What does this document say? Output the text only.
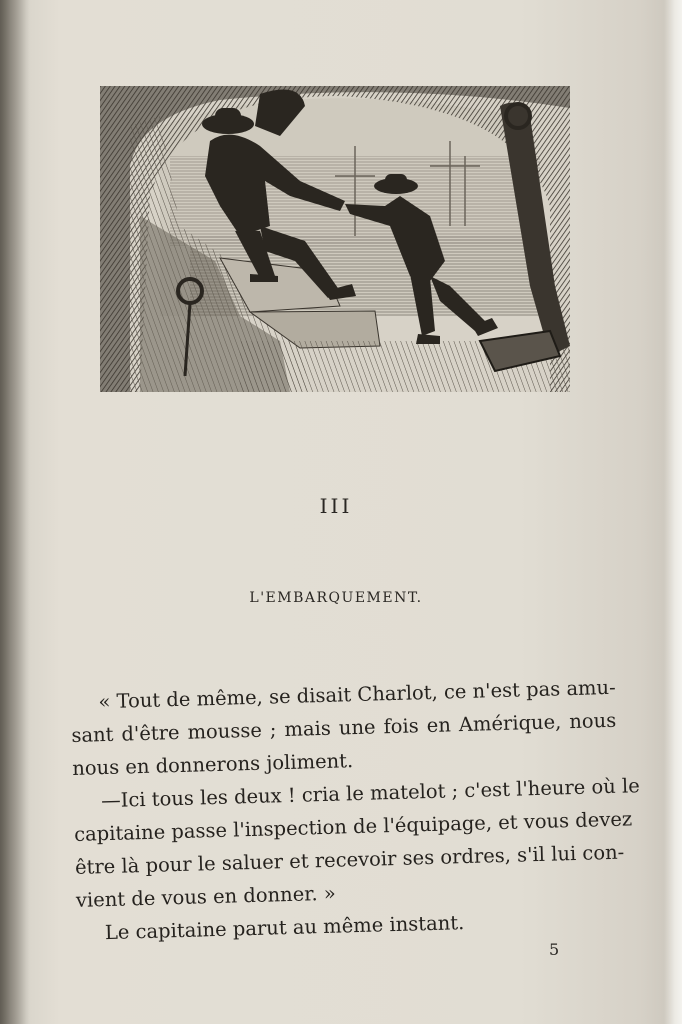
III
L'EMBARQUEMENT.
« Tout de même, se disait Charlot, ce n'est pas amu-
sant d'être mousse ; mais une fois en Amérique, nous
nous en donnerons joliment.
—Ici tous les deux ! cria le matelot ; c'est l'heure où le
capitaine passe l'inspection de l'équipage, et vous devez
être là pour le saluer et recevoir ses ordres, s'il lui con-
vient de vous en donner. »
Le capitaine parut au même instant.
5
